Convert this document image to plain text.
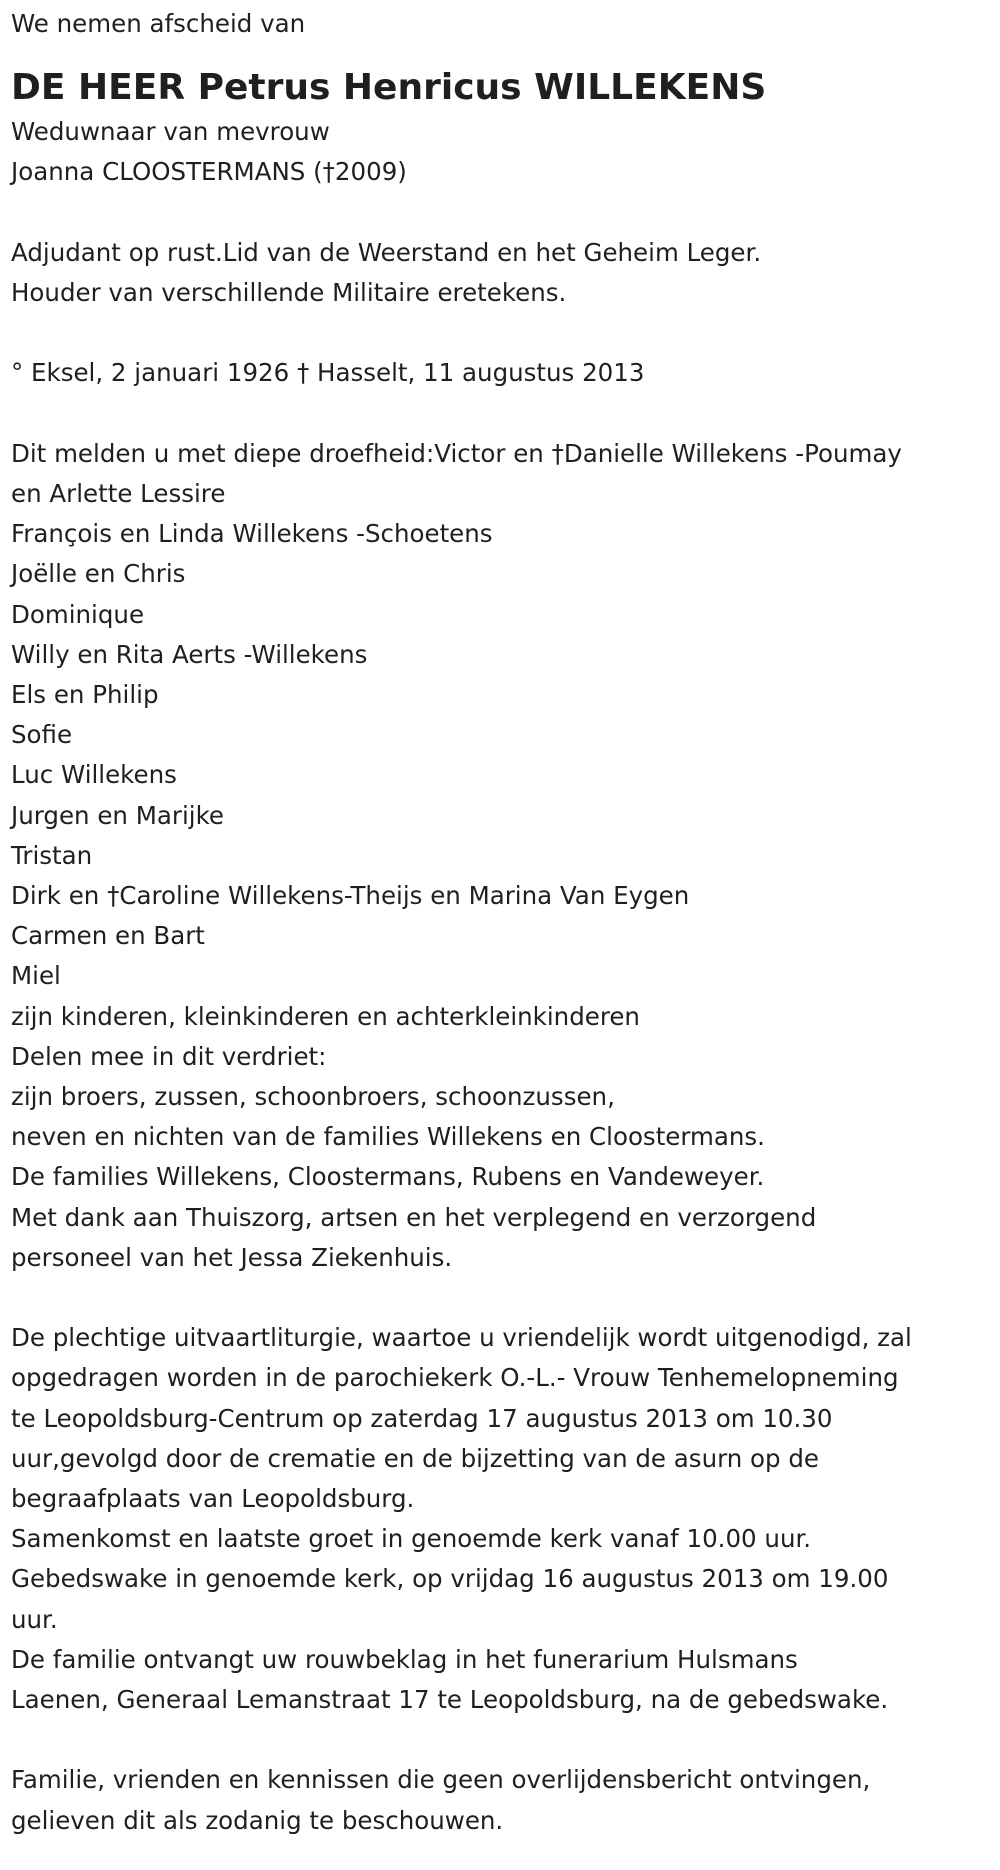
We nemen afscheid van
DE HEER Petrus Henricus WILLEKENS
Weduwnaar van mevrouw
Joanna CLOOSTERMANS (†2009)
Adjudant op rust.Lid van de Weerstand en het Geheim Leger.
Houder van verschillende Militaire eretekens.
° Eksel, 2 januari 1926 † Hasselt, 11 augustus 2013
Dit melden u met diepe droefheid:Victor en †Danielle Willekens -Poumay
en Arlette Lessire
François en Linda Willekens -Schoetens
Joëlle en Chris
Dominique
Willy en Rita Aerts -Willekens
Els en Philip
Sofie
Luc Willekens
Jurgen en Marijke
Tristan
Dirk en †Caroline Willekens-Theijs en Marina Van Eygen
Carmen en Bart
Miel
zijn kinderen, kleinkinderen en achterkleinkinderen
Delen mee in dit verdriet:
zijn broers, zussen, schoonbroers, schoonzussen,
neven en nichten van de families Willekens en Cloostermans.
De families Willekens, Cloostermans, Rubens en Vandeweyer.
Met dank aan Thuiszorg, artsen en het verplegend en verzorgend
personeel van het Jessa Ziekenhuis.
De plechtige uitvaartliturgie, waartoe u vriendelijk wordt uitgenodigd, zal
opgedragen worden in de parochiekerk O.-L.- Vrouw Tenhemelopneming
te Leopoldsburg-Centrum op zaterdag 17 augustus 2013 om 10.30
uur,gevolgd door de crematie en de bijzetting van de asurn op de
begraafplaats van Leopoldsburg.
Samenkomst en laatste groet in genoemde kerk vanaf 10.00 uur.
Gebedswake in genoemde kerk, op vrijdag 16 augustus 2013 om 19.00
uur.
De familie ontvangt uw rouwbeklag in het funerarium Hulsmans
Laenen, Generaal Lemanstraat 17 te Leopoldsburg, na de gebedswake.
Familie, vrienden en kennissen die geen overlijdensbericht ontvingen,
gelieven dit als zodanig te beschouwen.
